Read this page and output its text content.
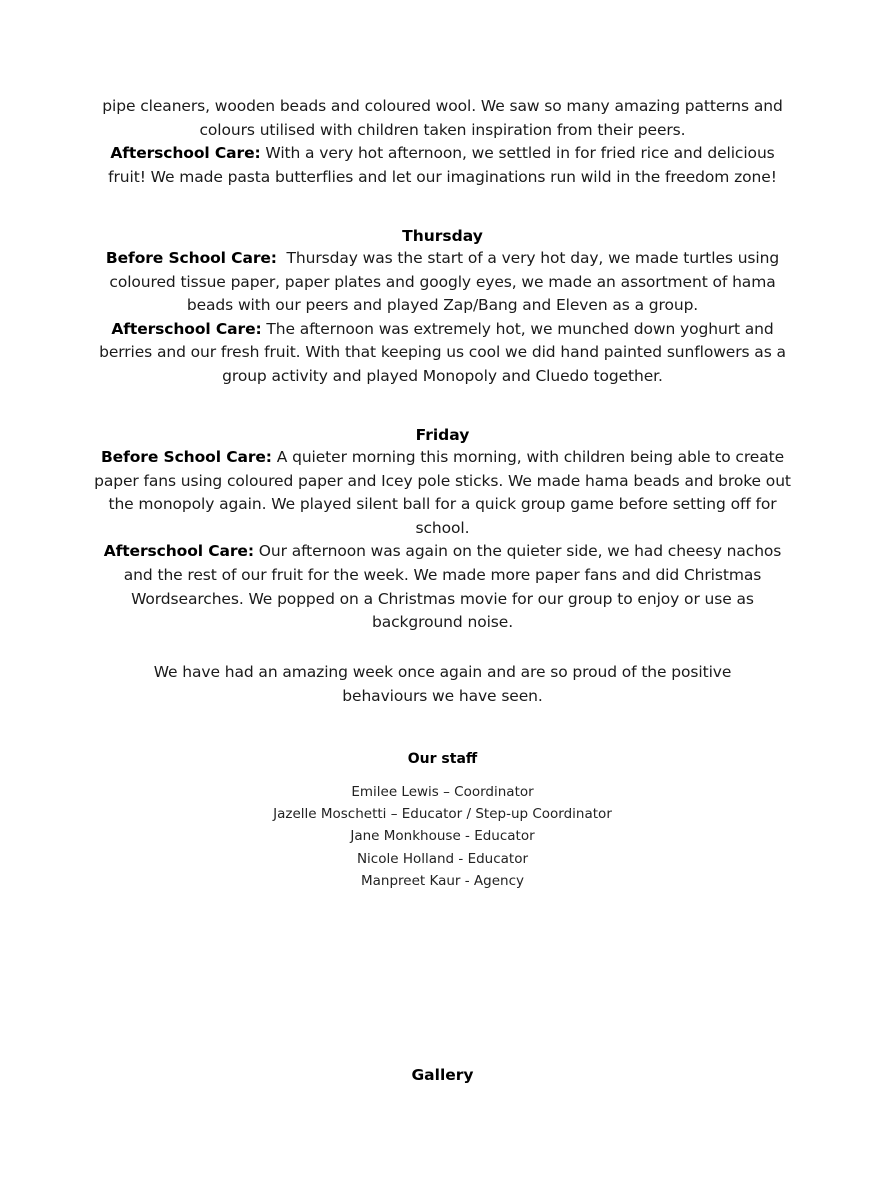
pipe cleaners, wooden beads and coloured wool. We saw so many amazing patterns and colours utilised with children taken inspiration from their peers.
Afterschool Care: With a very hot afternoon, we settled in for fried rice and delicious fruit! We made pasta butterflies and let our imaginations run wild in the freedom zone!
Thursday
Before School Care:  Thursday was the start of a very hot day, we made turtles using coloured tissue paper, paper plates and googly eyes, we made an assortment of hama beads with our peers and played Zap/Bang and Eleven as a group.
Afterschool Care: The afternoon was extremely hot, we munched down yoghurt and berries and our fresh fruit. With that keeping us cool we did hand painted sunflowers as a group activity and played Monopoly and Cluedo together.
Friday
Before School Care: A quieter morning this morning, with children being able to create paper fans using coloured paper and Icey pole sticks. We made hama beads and broke out the monopoly again. We played silent ball for a quick group game before setting off for school.
Afterschool Care: Our afternoon was again on the quieter side, we had cheesy nachos and the rest of our fruit for the week. We made more paper fans and did Christmas Wordsearches. We popped on a Christmas movie for our group to enjoy or use as background noise.
We have had an amazing week once again and are so proud of the positive behaviours we have seen.
Our staff
Emilee Lewis – Coordinator
Jazelle Moschetti – Educator / Step-up Coordinator
Jane Monkhouse - Educator
Nicole Holland - Educator
Manpreet Kaur - Agency
Gallery
